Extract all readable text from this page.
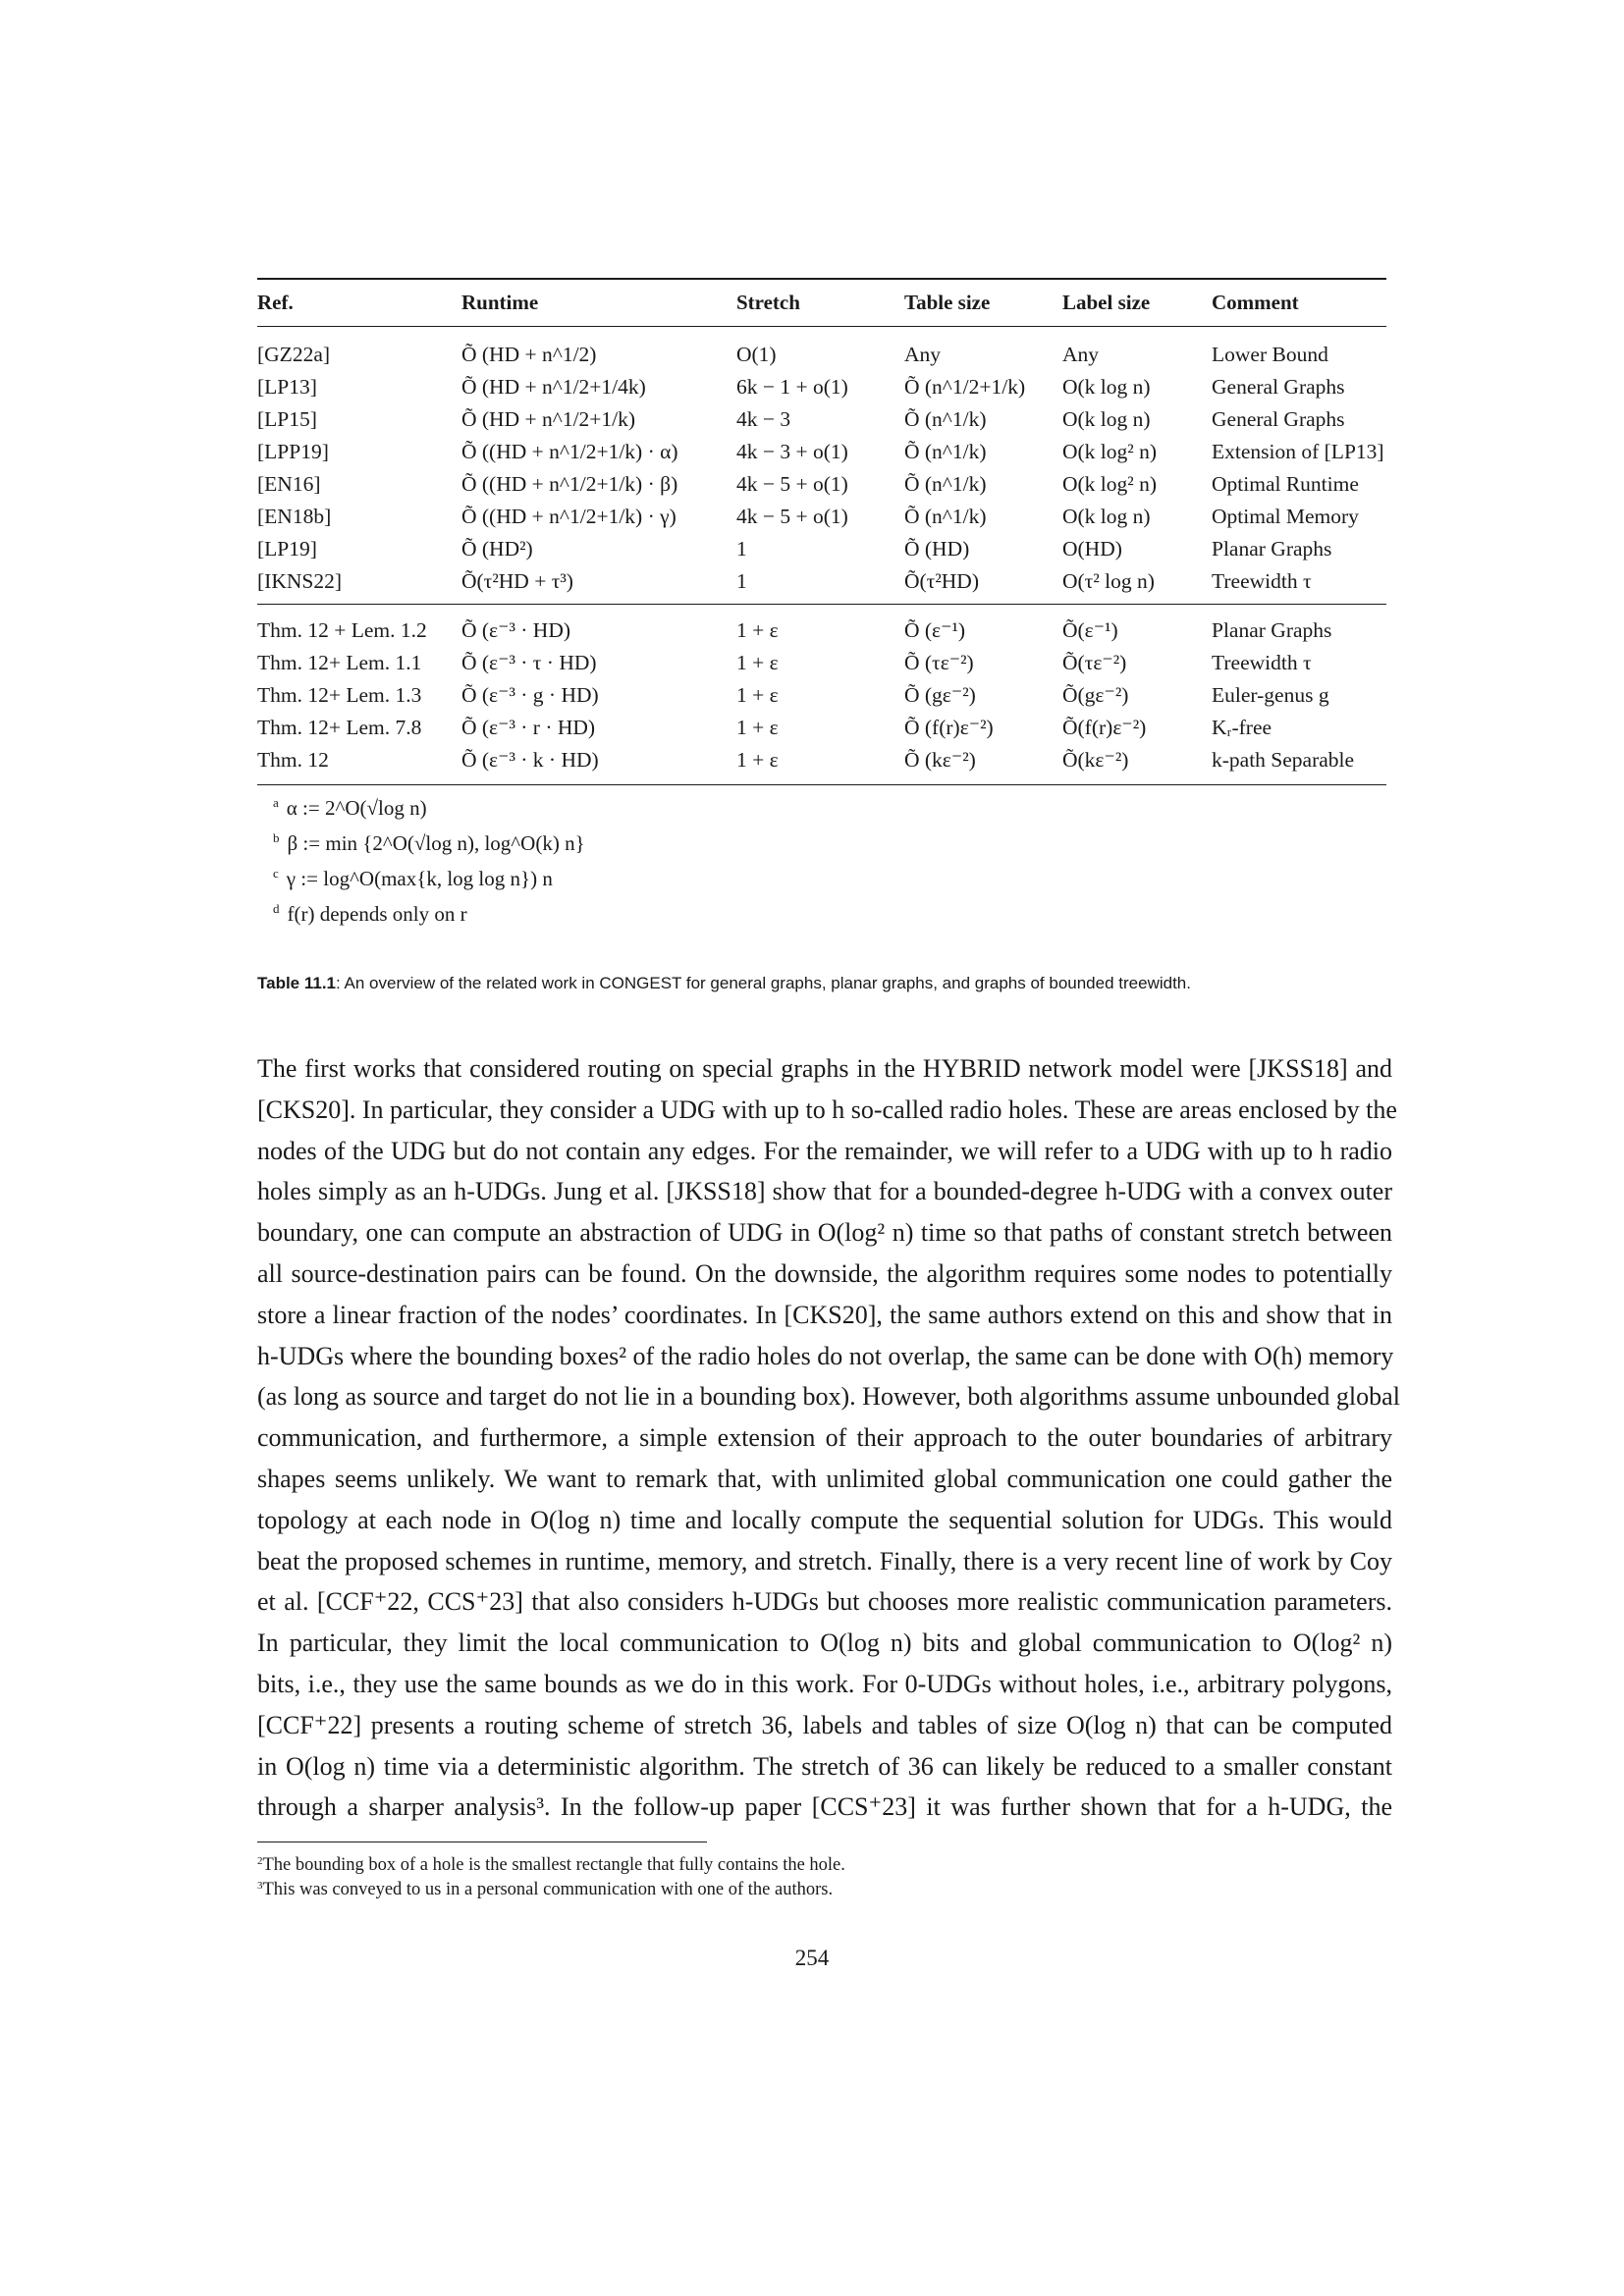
Ref.	Runtime	Stretch	Table size	Label size	Comment
[GZ22a]	Õ (HD + n^1/2)	O(1)	Any	Any	Lower Bound
[LP13]	Õ (HD + n^1/2+1/4k)	6k − 1 + o(1)	Õ (n^1/2+1/k)	O(k log n)	General Graphs
[LP15]	Õ (HD + n^1/2+1/k)	4k − 3	Õ (n^1/k)	O(k log n)	General Graphs
[LPP19]	Õ ((HD + n^1/2+1/k) · α)	4k − 3 + o(1)	Õ (n^1/k)	O(k log² n)	Extension of [LP13]
[EN16]	Õ ((HD + n^1/2+1/k) · β)	4k − 5 + o(1)	Õ (n^1/k)	O(k log² n)	Optimal Runtime
[EN18b]	Õ ((HD + n^1/2+1/k) · γ)	4k − 5 + o(1)	Õ (n^1/k)	O(k log n)	Optimal Memory
[LP19]	Õ (HD²)	1	Õ (HD)	O(HD)	Planar Graphs
[IKNS22]	Õ(τ²HD + τ³)	1	Õ(τ²HD)	O(τ² log n)	Treewidth τ
Thm. 12 + Lem. 1.2	Õ (ε⁻³ · HD)	1 + ε	Õ (ε⁻¹)	Õ(ε⁻¹)	Planar Graphs
Thm. 12+ Lem. 1.1	Õ (ε⁻³ · τ · HD)	1 + ε	Õ (τε⁻²)	Õ(τε⁻²)	Treewidth τ
Thm. 12+ Lem. 1.3	Õ (ε⁻³ · g · HD)	1 + ε	Õ (gε⁻²)	Õ(gε⁻²)	Euler-genus g
Thm. 12+ Lem. 7.8	Õ (ε⁻³ · r · HD)	1 + ε	Õ (f(r)ε⁻²)	Õ(f(r)ε⁻²)	Kᵣ-free
Thm. 12	Õ (ε⁻³ · k · HD)	1 + ε	Õ (kε⁻²)	Õ(kε⁻²)	k-path Separable
$^a$ α := 2^O(√log n)
$^b$ β := min {2^O(√log n), log^O(k) n}
$^c$ γ := log^O(max{k, log log n}) n
$^d$ f(r) depends only on r
Table 11.1: An overview of the related work in CONGEST for general graphs, planar graphs, and graphs of bounded treewidth.
The first works that considered routing on special graphs in the HYBRID network model were [JKSS18] and
[CKS20]. In particular, they consider a UDG with up to h so-called radio holes. These are areas enclosed by the
nodes of the UDG but do not contain any edges. For the remainder, we will refer to a UDG with up to h radio
holes simply as an h-UDGs. Jung et al. [JKSS18] show that for a bounded-degree h-UDG with a convex outer
boundary, one can compute an abstraction of UDG in O(log² n) time so that paths of constant stretch between
all source-destination pairs can be found. On the downside, the algorithm requires some nodes to potentially
store a linear fraction of the nodes’ coordinates. In [CKS20], the same authors extend on this and show that in
h-UDGs where the bounding boxes² of the radio holes do not overlap, the same can be done with O(h) memory
(as long as source and target do not lie in a bounding box). However, both algorithms assume unbounded global
communication, and furthermore, a simple extension of their approach to the outer boundaries of arbitrary
shapes seems unlikely. We want to remark that, with unlimited global communication one could gather the
topology at each node in O(log n) time and locally compute the sequential solution for UDGs. This would
beat the proposed schemes in runtime, memory, and stretch. Finally, there is a very recent line of work by Coy
et al. [CCF⁺22, CCS⁺23] that also considers h-UDGs but chooses more realistic communication parameters.
In particular, they limit the local communication to O(log n) bits and global communication to O(log² n)
bits, i.e., they use the same bounds as we do in this work. For 0-UDGs without holes, i.e., arbitrary polygons,
[CCF⁺22] presents a routing scheme of stretch 36, labels and tables of size O(log n) that can be computed
in O(log n) time via a deterministic algorithm. The stretch of 36 can likely be reduced to a smaller constant
through a sharper analysis³. In the follow-up paper [CCS⁺23] it was further shown that for a h-UDG, the
$^2$The bounding box of a hole is the smallest rectangle that fully contains the hole.
$^3$This was conveyed to us in a personal communication with one of the authors.
254
